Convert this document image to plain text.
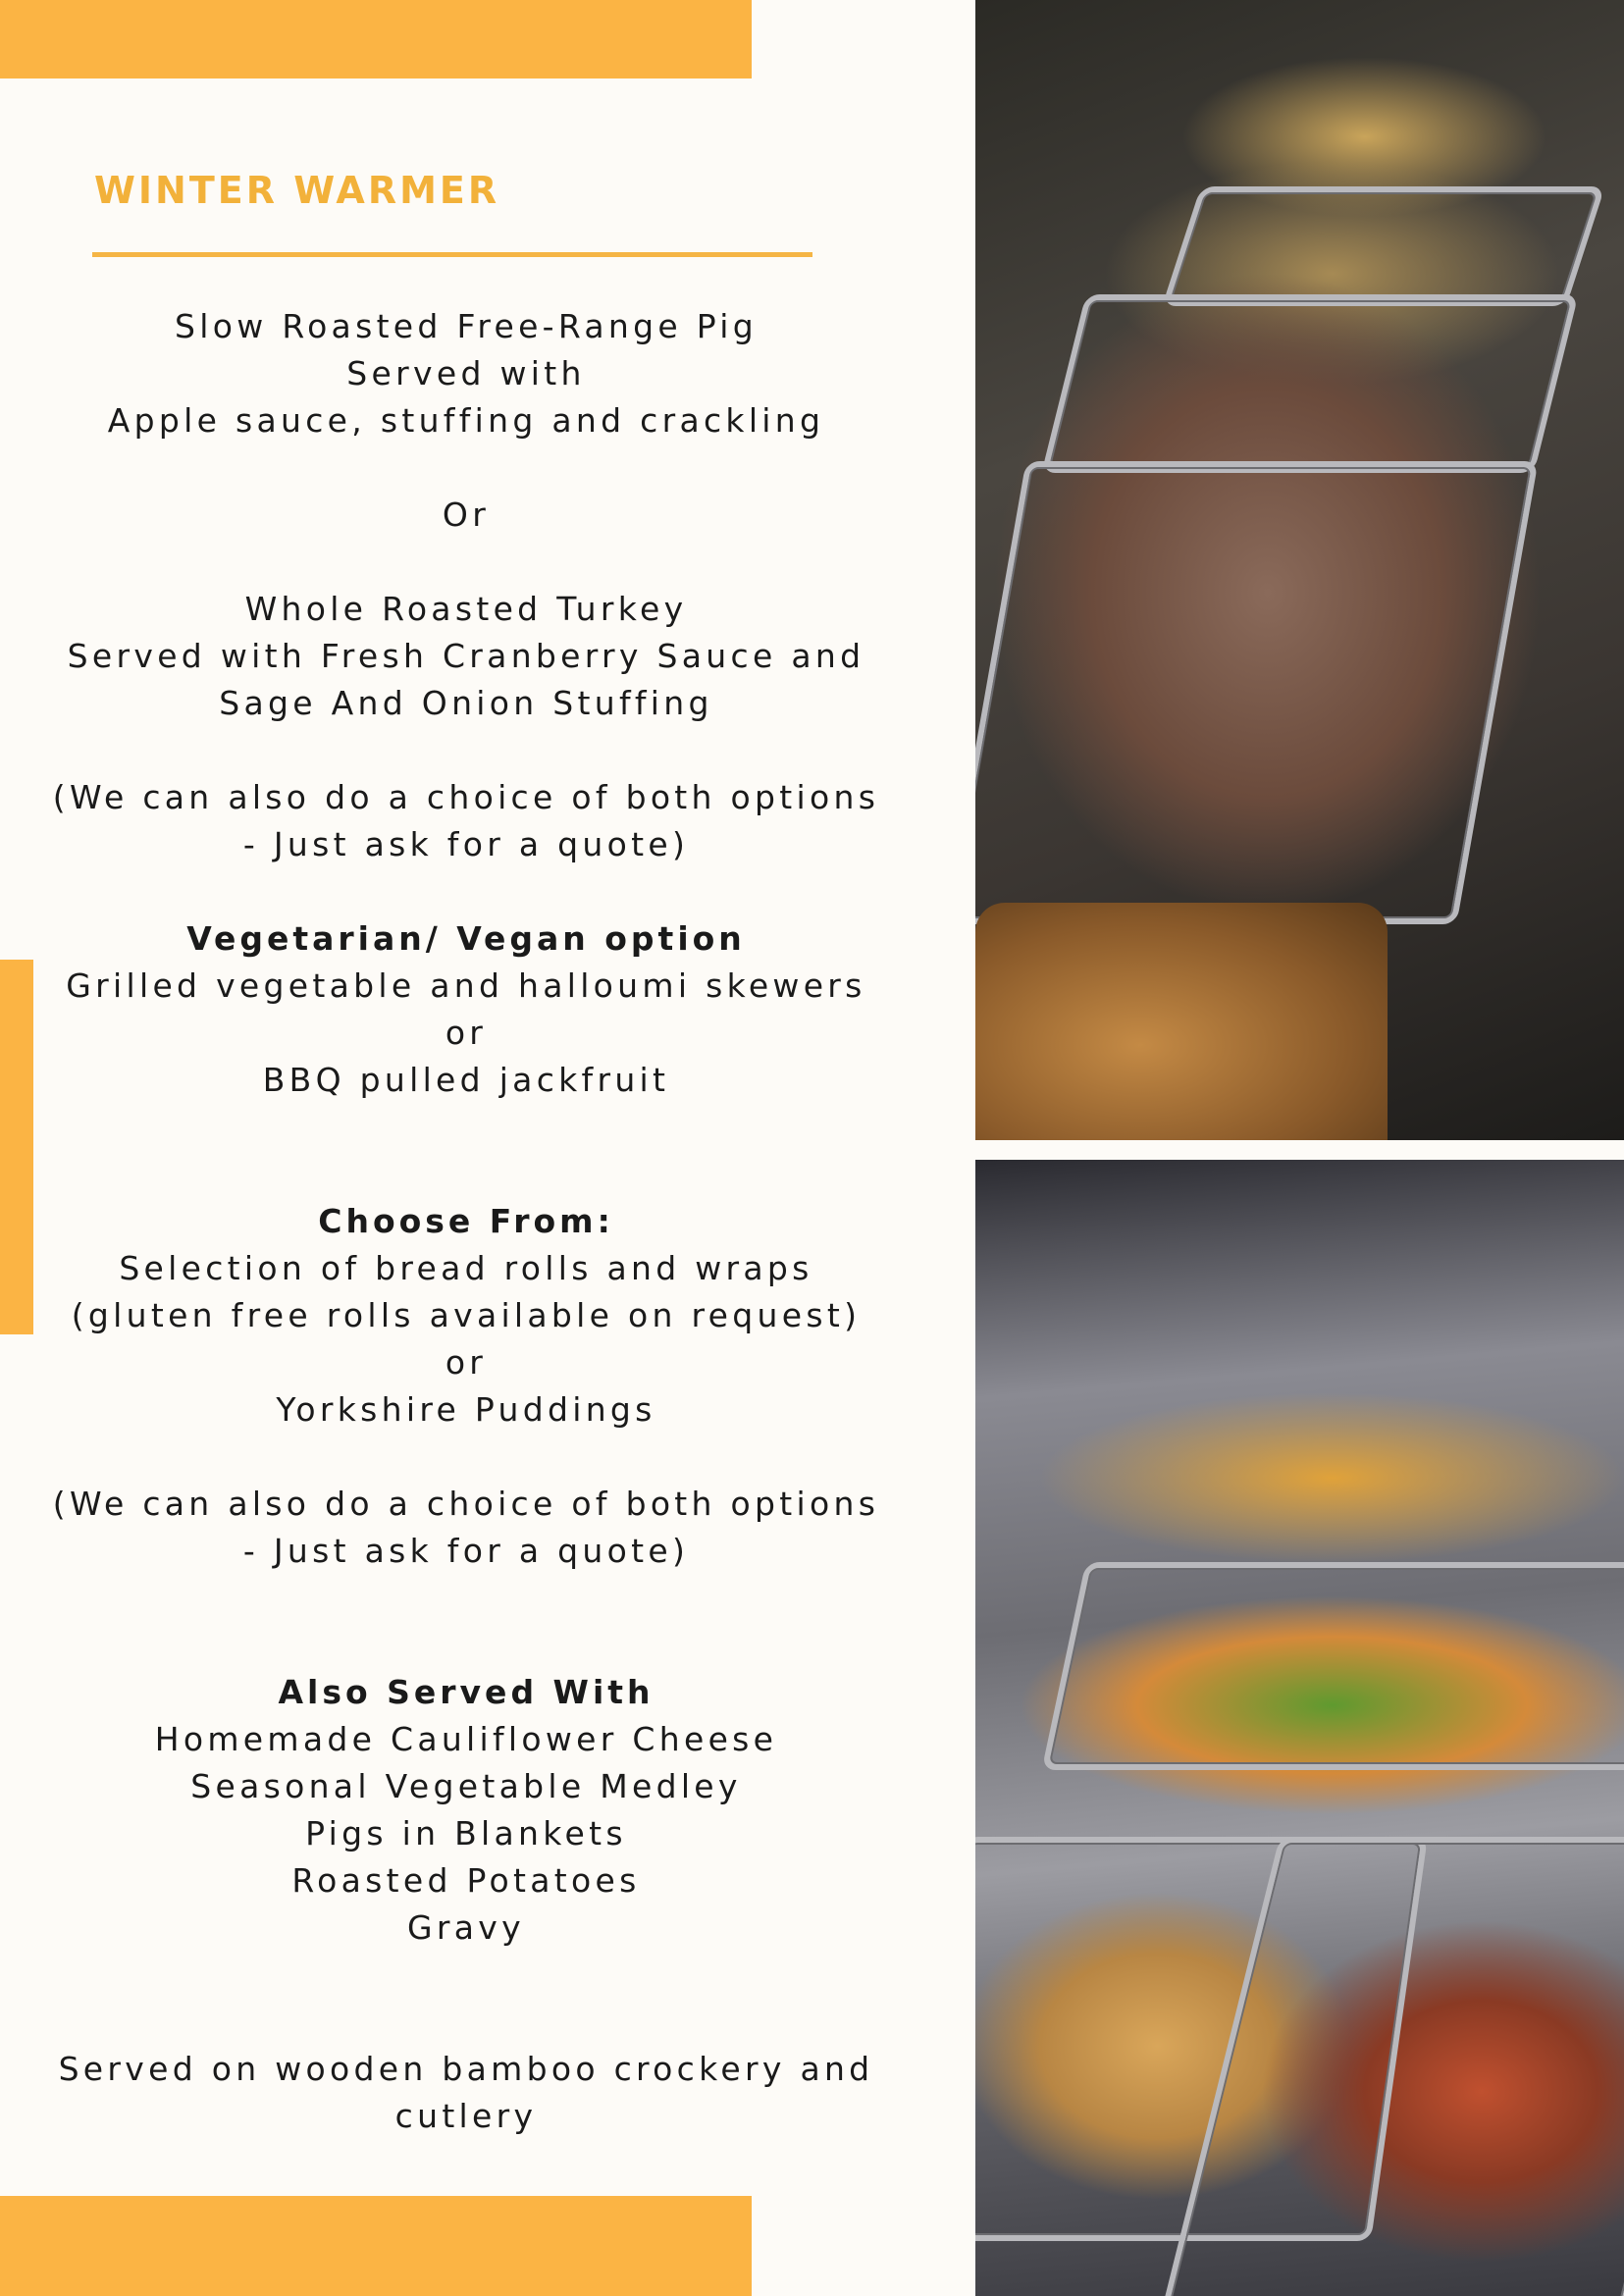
WINTER WARMER
Slow Roasted Free-Range Pig
Served with
Apple sauce, stuffing and crackling
Or
Whole Roasted Turkey
Served with Fresh Cranberry Sauce and
Sage And Onion Stuffing
(We can also do a choice of both options
- Just ask for a quote)
Vegetarian/ Vegan option
Grilled vegetable and halloumi skewers
or
BBQ pulled jackfruit
Choose From:
Selection of bread rolls and wraps
(gluten free rolls available on request)
or
Yorkshire Puddings
(We can also do a choice of both options
- Just ask for a quote)
Also Served With
Homemade Cauliflower Cheese
Seasonal Vegetable Medley
Pigs in Blankets
Roasted Potatoes
Gravy
Served on wooden bamboo crockery and
cutlery
